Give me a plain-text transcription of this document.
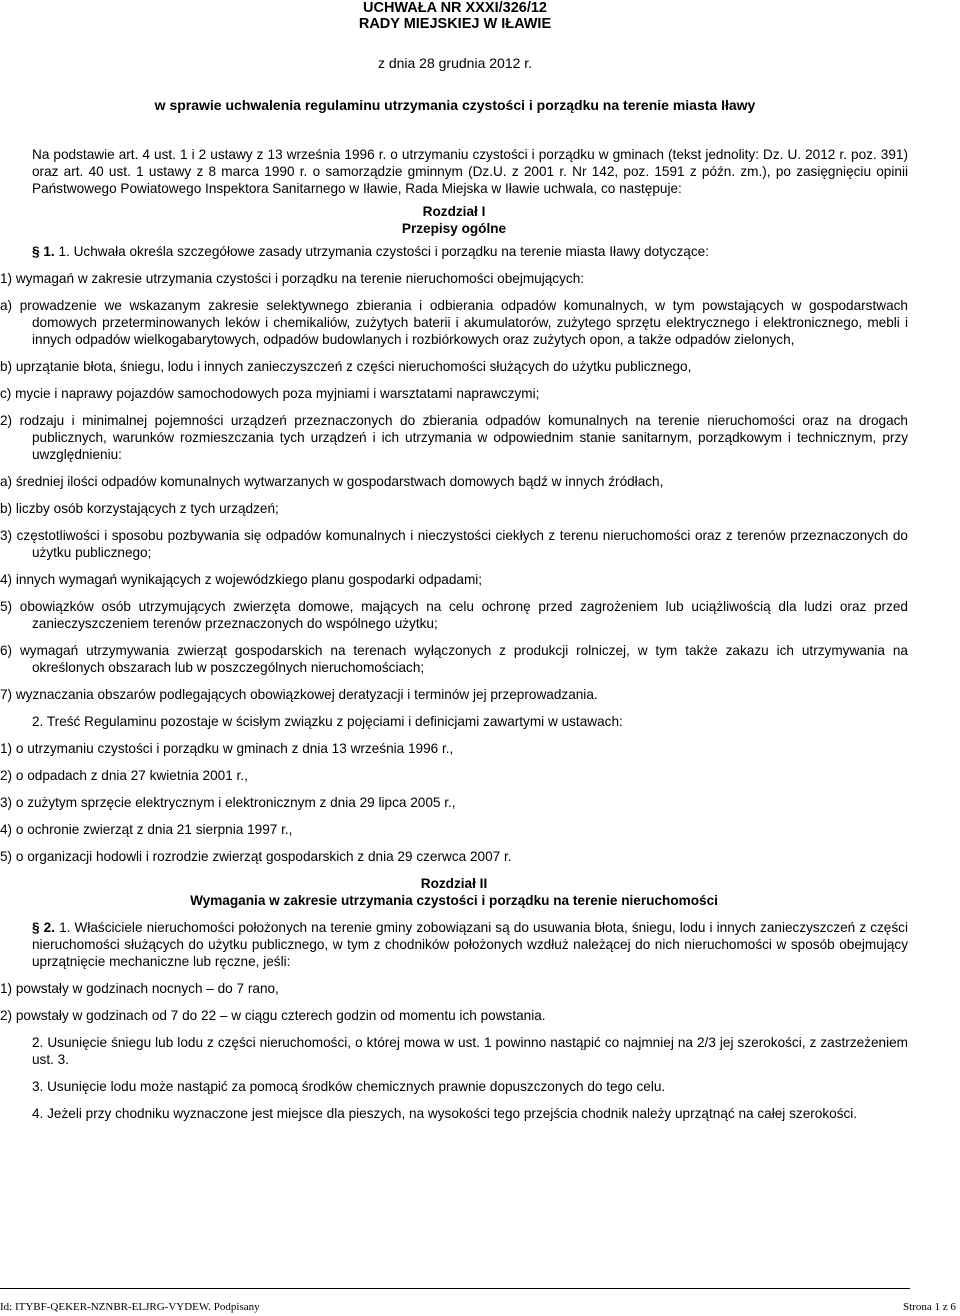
UCHWAŁA NR XXXI/326/12
RADY MIEJSKIEJ W IŁAWIE
z dnia 28 grudnia 2012 r.
w sprawie uchwalenia regulaminu utrzymania czystości i porządku na terenie miasta Iławy

Na podstawie art. 4 ust. 1 i 2 ustawy z 13 września 1996 r. o utrzymaniu czystości i porządku w gminach (tekst jednolity: Dz. U. 2012 r. poz. 391) oraz art. 40 ust. 1 ustawy z 8 marca 1990 r. o samorządzie gminnym (Dz.U. z 2001 r. Nr 142, poz. 1591 z późn. zm.), po zasięgnięciu opinii Państwowego Powiatowego Inspektora Sanitarnego w Iławie, Rada Miejska w Iławie uchwala, co następuje:

Rozdział I
Przepisy ogólne

§ 1. 1. Uchwała określa szczegółowe zasady utrzymania czystości i porządku na terenie miasta Iławy dotyczące:

1) wymagań w zakresie utrzymania czystości i porządku na terenie nieruchomości obejmujących:

a) prowadzenie we wskazanym zakresie selektywnego zbierania i odbierania odpadów komunalnych, w tym powstających w gospodarstwach domowych przeterminowanych leków i chemikaliów, zużytych baterii i akumulatorów, zużytego sprzętu elektrycznego i elektronicznego, mebli i innych odpadów wielkogabarytowych, odpadów budowlanych i rozbiórkowych oraz zużytych opon, a także odpadów zielonych,

b) uprzątanie błota, śniegu, lodu i innych zanieczyszczeń z części nieruchomości służących do użytku publicznego,

c) mycie i naprawy pojazdów samochodowych poza myjniami i warsztatami naprawczymi;

2) rodzaju i minimalnej pojemności urządzeń przeznaczonych do zbierania odpadów komunalnych na terenie nieruchomości oraz na drogach publicznych, warunków rozmieszczania tych urządzeń i ich utrzymania w odpowiednim stanie sanitarnym, porządkowym i technicznym, przy uwzględnieniu:

a) średniej ilości odpadów komunalnych wytwarzanych w gospodarstwach domowych bądź w innych źródłach,

b) liczby osób korzystających z tych urządzeń;

3) częstotliwości i sposobu pozbywania się odpadów komunalnych i nieczystości ciekłych z terenu nieruchomości oraz z terenów przeznaczonych do użytku publicznego;

4) innych wymagań wynikających z wojewódzkiego planu gospodarki odpadami;

5) obowiązków osób utrzymujących zwierzęta domowe, mających na celu ochronę przed zagrożeniem lub uciążliwością dla ludzi oraz przed zanieczyszczeniem terenów przeznaczonych do wspólnego użytku;

6) wymagań utrzymywania zwierząt gospodarskich na terenach wyłączonych z produkcji rolniczej, w tym także zakazu ich utrzymywania na określonych obszarach lub w poszczególnych nieruchomościach;

7) wyznaczania obszarów podlegających obowiązkowej deratyzacji i terminów jej przeprowadzania.

2. Treść Regulaminu pozostaje w ścisłym związku z pojęciami i definicjami zawartymi w ustawach:

1) o utrzymaniu czystości i porządku w gminach z dnia 13 września 1996 r.,

2) o odpadach z dnia 27 kwietnia 2001 r.,

3) o zużytym sprzęcie elektrycznym i elektronicznym z dnia 29 lipca 2005 r.,

4) o ochronie zwierząt z dnia 21 sierpnia 1997 r.,

5) o organizacji hodowli i rozrodzie zwierząt gospodarskich z dnia 29 czerwca 2007 r.

Rozdział II
Wymagania w zakresie utrzymania czystości i porządku na terenie nieruchomości

§ 2. 1. Właściciele nieruchomości położonych na terenie gminy zobowiązani są do usuwania błota, śniegu, lodu i innych zanieczyszczeń z części nieruchomości służących do użytku publicznego, w tym z chodników położonych wzdłuż należącej do nich nieruchomości w sposób obejmujący uprzątnięcie mechaniczne lub ręczne, jeśli:

1) powstały w godzinach nocnych – do 7 rano,

2) powstały w godzinach od 7 do 22 – w ciągu czterech godzin od momentu ich powstania.

2. Usunięcie śniegu lub lodu z części nieruchomości, o której mowa w ust. 1 powinno nastąpić co najmniej na 2/3 jej szerokości, z zastrzeżeniem ust. 3.

3. Usunięcie lodu może nastąpić za pomocą środków chemicznych prawnie dopuszczonych do tego celu.

4. Jeżeli przy chodniku wyznaczone jest miejsce dla pieszych, na wysokości tego przejścia chodnik należy uprzątnąć na całej szerokości.

Id: ITYBF-QEKER-NZNBR-ELJRG-VYDEW. Podpisany	Strona 1 z 6
